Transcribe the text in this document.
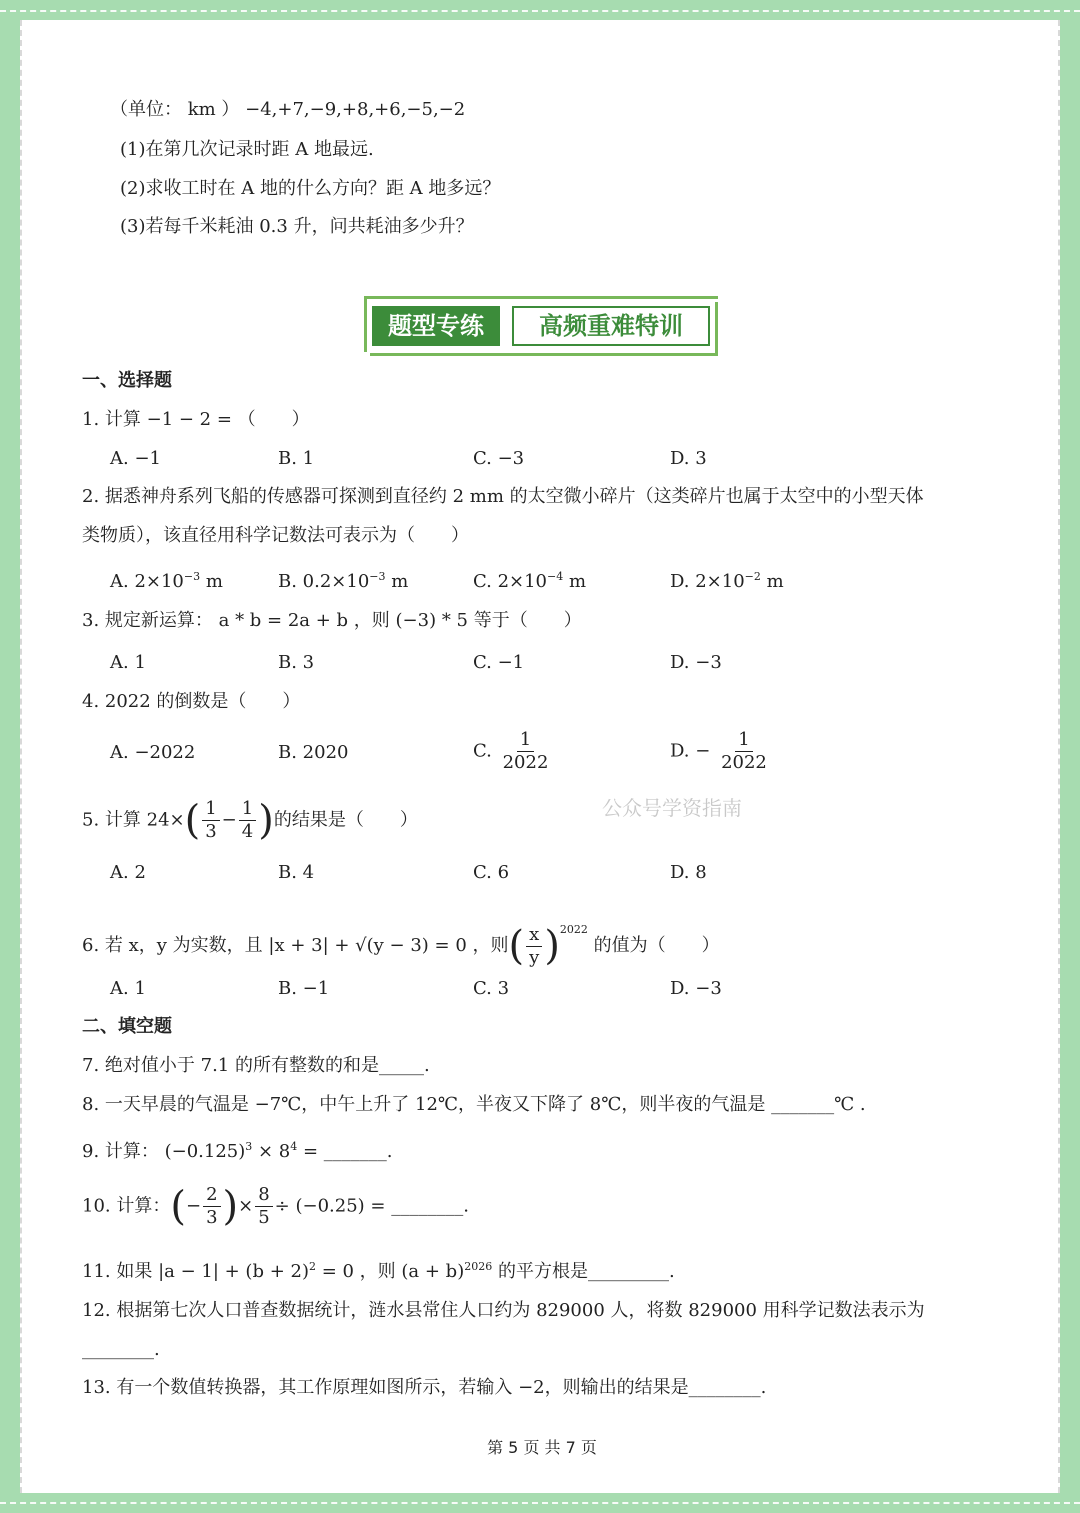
（单位： km ） −4,+7,−9,+8,+6,−5,−2
(1)在第几次记录时距 A 地最远.
(2)求收工时在 A 地的什么方向？距 A 地多远？
(3)若每千米耗油 0.3 升，问共耗油多少升？
题型专练	高频重难特训
一、选择题
1. 计算 −1 − 2 = （　　）
A. −1	B. 1	C. −3	D. 3
2. 据悉神舟系列飞船的传感器可探测到直径约 2 mm 的太空微小碎片（这类碎片也属于太空中的小型天体
类物质），该直径用科学记数法可表示为（　　）
A. $2\times 10^{-3}$ m	B. $0.2\times 10^{-3}$ m	C. $2\times 10^{-4}$ m	D. $2\times 10^{-2}$ m
3. 规定新运算： a * b = 2a + b ，则 (−3) * 5 等于（　　）
A. 1	B. 3	C. −1	D. −3
4. 2022 的倒数是（　　）
A. −2022	B. 2020	C. $\frac{1}{2022}$	D. − $\frac{1}{2022}$
公众号学资指南
5. 计算 $24\times( \frac{1}{3} - \frac{1}{4}$ )的结果是（　　）
A. 2	B. 4	C. 6	D. 8
6. 若 x，y 为实数，且 |x + 3| + √(y − 3) = 0 ，则( $\frac{x}{y} )^{2022}$ 的值为（　　）
A. 1	B. −1	C. 3	D. −3
二、填空题
7. 绝对值小于 7.1 的所有整数的和是_____.
8. 一天早晨的气温是 −7℃，中午上升了 12℃，半夜又下降了 8℃，则半夜的气温是 _______℃ .
9. 计算： $(-0.125)^3 \times 8^4$ = _______.
10. 计算：(− $\frac{2}{3}$ )× $\frac{8}{5} \div (-0.25)$ = ________.
11. 如果 $|a - 1| + (b + 2)^2 = 0$ ，则 $(a + b)^{2026}$ 的平方根是_________.
12. 根据第七次人口普查数据统计，涟水县常住人口约为 829000 人，将数 829000 用科学记数法表示为
________.
13. 有一个数值转换器，其工作原理如图所示，若输入 −2，则输出的结果是________.
第 5 页 共 7 页
